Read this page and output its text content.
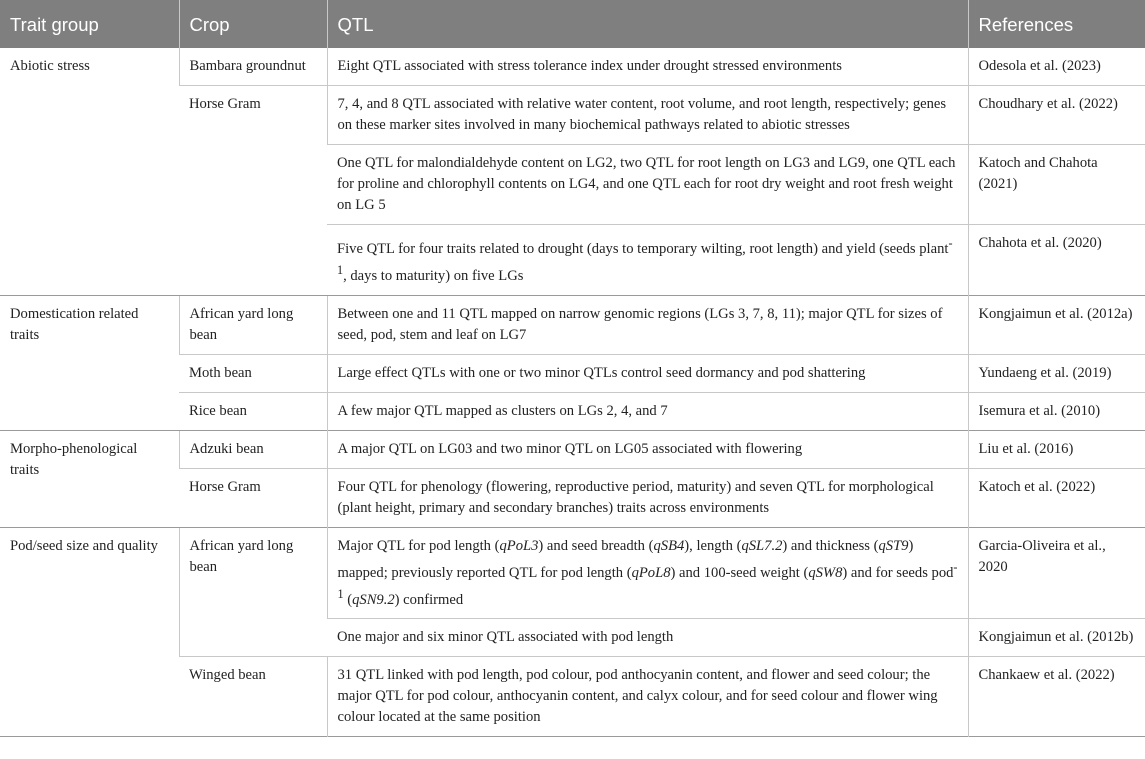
Trait group	Crop	QTL	References
Abiotic stress	Bambara groundnut	Eight QTL associated with stress tolerance index under drought stressed environments	Odesola et al. (2023)
	Horse Gram	7, 4, and 8 QTL associated with relative water content, root volume, and root length, respectively; genes on these marker sites involved in many biochemical pathways related to abiotic stresses	Choudhary et al. (2022)
		One QTL for malondialdehyde content on LG2, two QTL for root length on LG3 and LG9, one QTL each for proline and chlorophyll contents on LG4, and one QTL each for root dry weight and root fresh weight on LG 5	Katoch and Chahota (2021)
		Five QTL for four traits related to drought (days to temporary wilting, root length) and yield (seeds plant$^{-1}$, days to maturity) on five LGs	Chahota et al. (2020)
Domestication related traits	African yard long bean	Between one and 11 QTL mapped on narrow genomic regions (LGs 3, 7, 8, 11); major QTL for sizes of seed, pod, stem and leaf on LG7	Kongjaimun et al. (2012a)
	Moth bean	Large effect QTLs with one or two minor QTLs control seed dormancy and pod shattering	Yundaeng et al. (2019)
	Rice bean	A few major QTL mapped as clusters on LGs 2, 4, and 7	Isemura et al. (2010)
Morpho-phenological traits	Adzuki bean	A major QTL on LG03 and two minor QTL on LG05 associated with flowering	Liu et al. (2016)
	Horse Gram	Four QTL for phenology (flowering, reproductive period, maturity) and seven QTL for morphological (plant height, primary and secondary branches) traits across environments	Katoch et al. (2022)
Pod/seed size and quality	African yard long bean	Major QTL for pod length (qPoL3) and seed breadth (qSB4), length (qSL7.2) and thickness (qST9) mapped; previously reported QTL for pod length (qPoL8) and 100-seed weight (qSW8) and for seeds pod$^{-1}$ (qSN9.2) confirmed	Garcia-Oliveira et al., 2020
		One major and six minor QTL associated with pod length	Kongjaimun et al. (2012b)
	Winged bean	31 QTL linked with pod length, pod colour, pod anthocyanin content, and flower and seed colour; the major QTL for pod colour, anthocyanin content, and calyx colour, and for seed colour and flower wing colour located at the same position	Chankaew et al. (2022)
